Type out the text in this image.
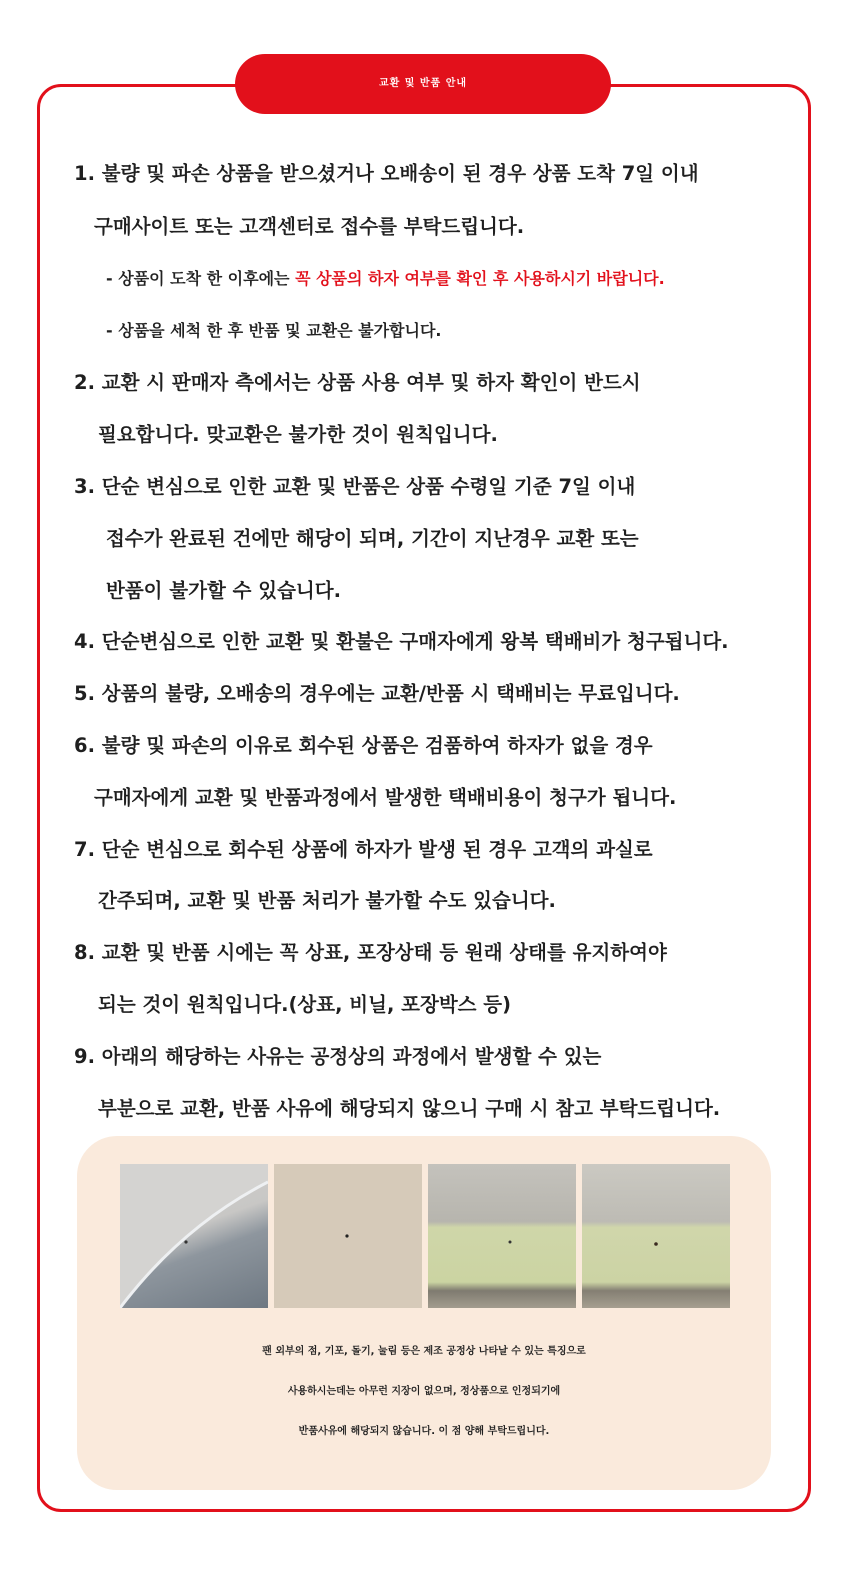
교환 및 반품 안내
1. 불량 및 파손 상품을 받으셨거나 오배송이 된 경우 상품 도착 7일 이내
구매사이트 또는 고객센터로 접수를 부탁드립니다.
- 상품이 도착 한 이후에는 꼭 상품의 하자 여부를 확인 후 사용하시기 바랍니다.
- 상품을 세척 한 후 반품 및 교환은 불가합니다.
2. 교환 시 판매자 측에서는 상품 사용 여부 및 하자 확인이 반드시
필요합니다. 맞교환은 불가한 것이 원칙입니다.
3. 단순 변심으로 인한 교환 및 반품은 상품 수령일 기준 7일 이내
접수가 완료된 건에만 해당이 되며, 기간이 지난경우 교환 또는
반품이 불가할 수 있습니다.
4. 단순변심으로 인한 교환 및 환불은 구매자에게 왕복 택배비가 청구됩니다.
5. 상품의 불량, 오배송의 경우에는 교환/반품 시 택배비는 무료입니다.
6. 불량 및 파손의 이유로 회수된 상품은 검품하여 하자가 없을 경우
구매자에게 교환 및 반품과정에서 발생한 택배비용이 청구가 됩니다.
7. 단순 변심으로 회수된 상품에 하자가 발생 된 경우 고객의 과실로
간주되며, 교환 및 반품 처리가 불가할 수도 있습니다.
8. 교환 및 반품 시에는 꼭 상표, 포장상태 등 원래 상태를 유지하여야
되는 것이 원칙입니다.(상표, 비닐, 포장박스 등)
9. 아래의 해당하는 사유는 공정상의 과정에서 발생할 수 있는
부분으로 교환, 반품 사유에 해당되지 않으니 구매 시 참고 부탁드립니다.
팬 외부의 점, 기포, 돌기, 눌림 등은 제조 공정상 나타날 수 있는 특징으로
사용하시는데는 아무런 지장이 없으며, 정상품으로 인정되기에
반품사유에 해당되지 않습니다. 이 점 양해 부탁드립니다.
